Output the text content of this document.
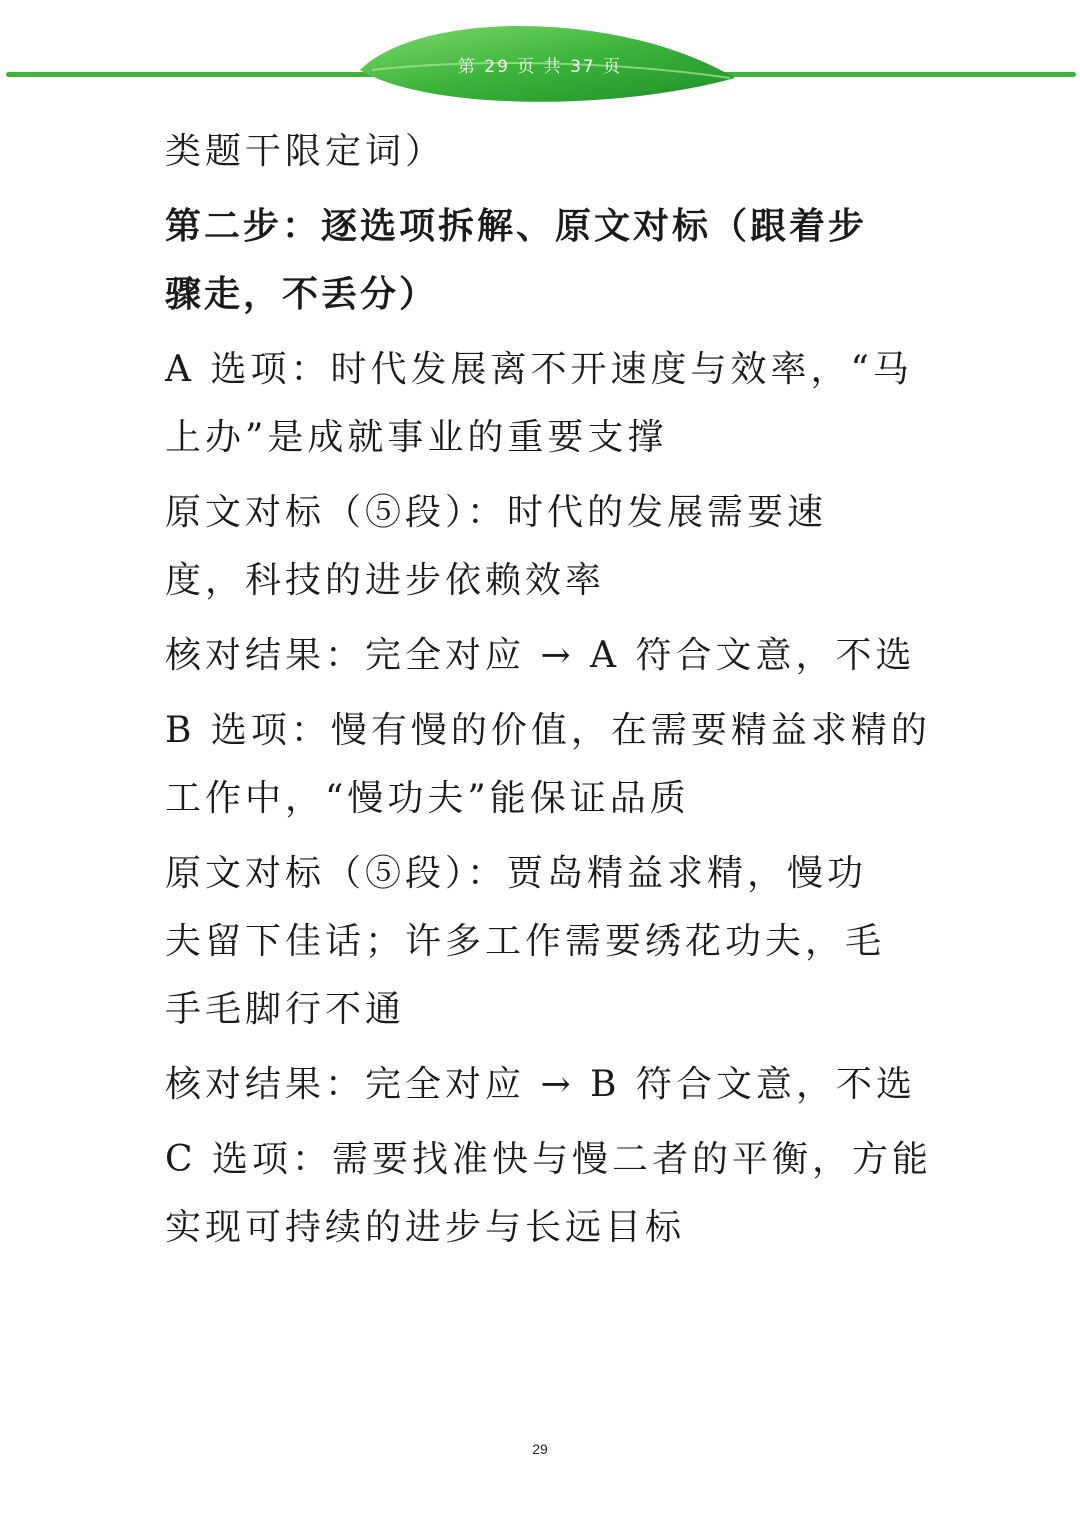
第 29 页 共 37 页

类题干限定词）

第二步：逐选项拆解、原文对标（跟着步

骤走，不丢分）

A 选项：时代发展离不开速度与效率，“马

上办”是成就事业的重要支撑

原文对标（⑤段）：时代的发展需要速

度，科技的进步依赖效率

核对结果：完全对应 → A 符合文意，不选

B 选项：慢有慢的价值，在需要精益求精的

工作中，“慢功夫”能保证品质

原文对标（⑤段）：贾岛精益求精，慢功

夫留下佳话；许多工作需要绣花功夫，毛

手毛脚行不通

核对结果：完全对应 → B 符合文意，不选

C 选项：需要找准快与慢二者的平衡，方能

实现可持续的进步与长远目标

29
